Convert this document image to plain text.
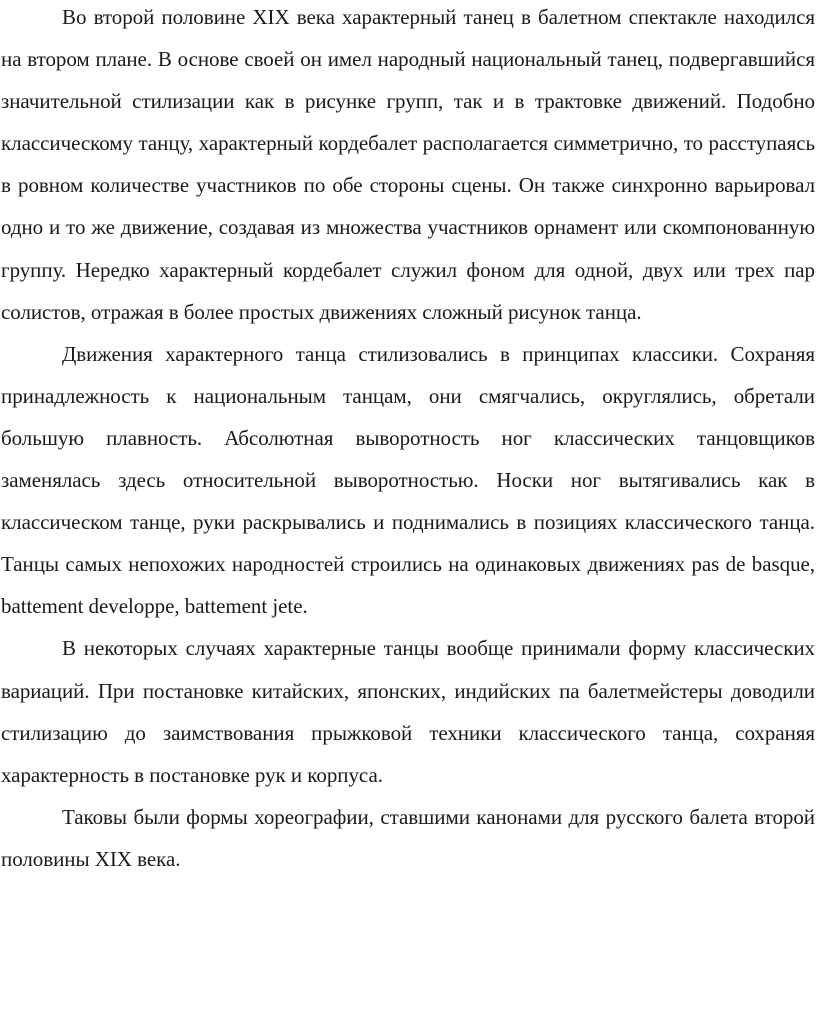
Во второй половине XIX века характерный танец в балетном спектакле находился на втором плане. В основе своей он имел народный национальный танец, подвергавшийся значительной стилизации как в рисунке групп, так и в трактовке движений. Подобно классическому танцу, характерный кордебалет располагается симметрично, то расступаясь в ровном количестве участников по обе стороны сцены. Он также синхронно варьировал одно и то же движение, создавая из множества участников орнамент или скомпонованную группу. Нередко характерный кордебалет служил фоном для одной, двух или трех пар солистов, отражая в более простых движениях сложный рисунок танца.

Движения характерного танца стилизовались в принципах классики. Сохраняя принадлежность к национальным танцам, они смягчались, округлялись, обретали большую плавность. Абсолютная выворотность ног классических танцовщиков заменялась здесь относительной выворотностью. Носки ног вытягивались как в классическом танце, руки раскрывались и поднимались в позициях классического танца. Танцы самых непохожих народностей строились на одинаковых движениях pas de basque, battement developpe, battement jete.

В некоторых случаях характерные танцы вообще принимали форму классических вариаций. При постановке китайских, японских, индийских па балетмейстеры доводили стилизацию до заимствования прыжковой техники классического танца, сохраняя характерность в постановке рук и корпуса.

Таковы были формы хореографии, ставшими канонами для русского балета второй половины XIX века.
